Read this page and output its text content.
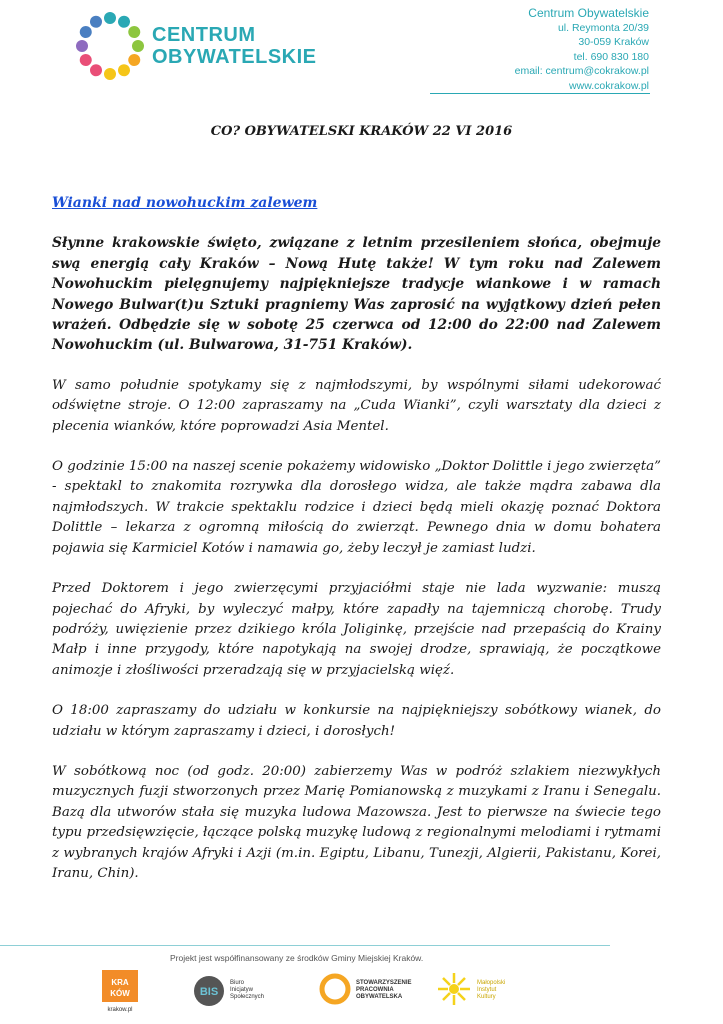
CENTRUM
OBYWATELSKIE
Centrum Obywatelskie
ul. Reymonta 20/39
30-059 Kraków
tel. 690 830 180
email: centrum@cokrakow.pl
www.cokrakow.pl
CO? OBYWATELSKI KRAKÓW 22 VI 2016
Wianki nad nowohuckim zalewem

Słynne krakowskie święto, związane z letnim przesileniem słońca, obejmuje swą energią cały Kraków – Nową Hutę także! W tym roku nad Zalewem Nowohuckim pielęgnujemy najpiękniejsze tradycje wiankowe i w ramach Nowego Bulwar(t)u Sztuki pragniemy Was zaprosić na wyjątkowy dzień pełen wrażeń. Odbędzie się w sobotę 25 czerwca od 12:00 do 22:00 nad Zalewem Nowohuckim (ul. Bulwarowa, 31-751 Kraków).

W samo południe spotykamy się z najmłodszymi, by wspólnymi siłami udekorować odświętne stroje. O 12:00 zapraszamy na „Cuda Wianki”, czyli warsztaty dla dzieci z plecenia wianków, które poprowadzi Asia Mentel.

O godzinie 15:00 na naszej scenie pokażemy widowisko „Doktor Dolittle i jego zwierzęta” - spektakl to znakomita rozrywka dla dorosłego widza, ale także mądra zabawa dla najmłodszych. W trakcie spektaklu rodzice i dzieci będą mieli okazję poznać Doktora Dolittle – lekarza z ogromną miłością do zwierząt. Pewnego dnia w domu bohatera pojawia się Karmiciel Kotów i namawia go, żeby leczył je zamiast ludzi.

Przed Doktorem i jego zwierzęcymi przyjaciółmi staje nie lada wyzwanie: muszą pojechać do Afryki, by wyleczyć małpy, które zapadły na tajemniczą chorobę. Trudy podróży, uwięzienie przez dzikiego króla Joliginkę, przejście nad przepaścią do Krainy Małp i inne przygody, które napotykają na swojej drodze, sprawiają, że początkowe animozje i złośliwości przeradzają się w przyjacielską więź.

O 18:00 zapraszamy do udziału w konkursie na najpiękniejszy sobótkowy wianek, do udziału w którym zapraszamy i dzieci, i dorosłych!

W sobótkową noc (od godz. 20:00) zabierzemy Was w podróż szlakiem niezwykłych muzycznych fuzji stworzonych przez Marię Pomianowską z muzykami z Iranu i Senegalu. Bazą dla utworów stała się muzyka ludowa Mazowsza. Jest to pierwsze na świecie tego typu przedsięwzięcie, łączące polską muzykę ludową z regionalnymi melodiami i rytmami z wybranych krajów Afryki i Azji (m.in. Egiptu, Libanu, Tunezji, Algierii, Pakistanu, Korei, Iranu, Chin).

Projekt jest współfinansowany ze środków Gminy Miejskiej Kraków.
KRA
KÓW
krakow.pl
BIS
Biuro
Inicjatyw
Społecznych
STOWARZYSZENIE
PRACOWNIA
OBYWATELSKA
Małopolski
Instytut
Kultury
